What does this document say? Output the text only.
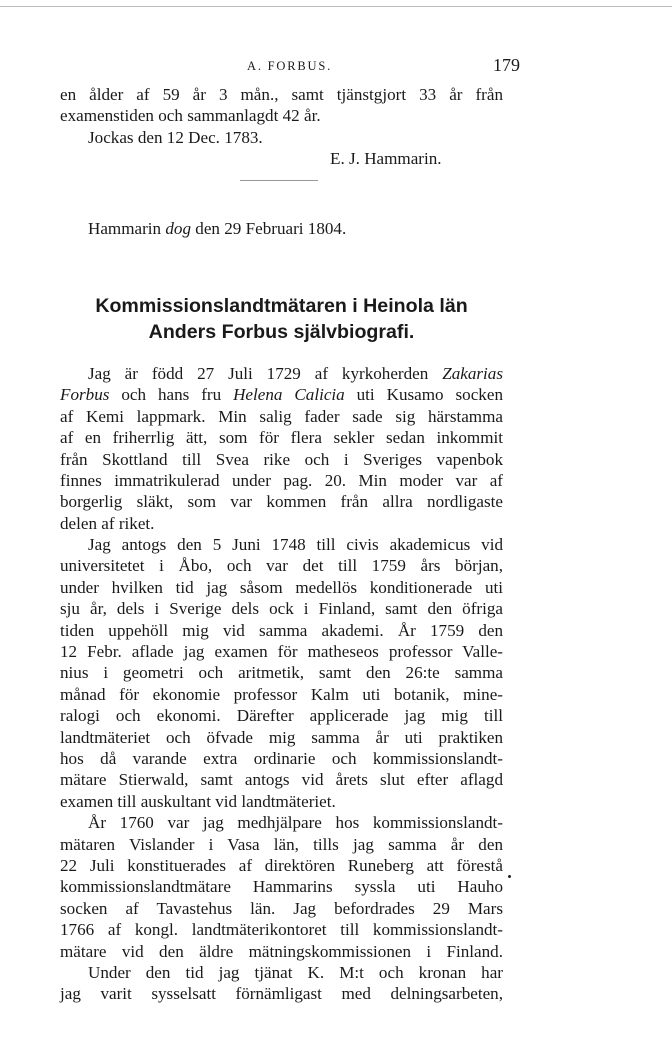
A. FORBUS.	179
en ålder af 59 år 3 mån., samt tjänstgjort 33 år från
examenstiden och sammanlagdt 42 år.
Jockas den 12 Dec. 1783.
E. J. Hammarin.
Hammarin dog den 29 Februari 1804.
Kommissionslandtmätaren i Heinola län
Anders Forbus självbiografi.
Jag är född 27 Juli 1729 af kyrkoherden Zakarias
Forbus och hans fru Helena Calicia uti Kusamo socken
af Kemi lappmark. Min salig fader sade sig härstamma
af en friherrlig ätt, som för flera sekler sedan inkommit
från Skottland till Svea rike och i Sveriges vapenbok
finnes immatrikulerad under pag. 20. Min moder var af
borgerlig släkt, som var kommen från allra nordligaste
delen af riket.
Jag antogs den 5 Juni 1748 till civis akademicus vid
universitetet i Åbo, och var det till 1759 års början,
under hvilken tid jag såsom medellös konditionerade uti
sju år, dels i Sverige dels ock i Finland, samt den öfriga
tiden uppehöll mig vid samma akademi. År 1759 den
12 Febr. aflade jag examen för matheseos professor Valle-
nius i geometri och aritmetik, samt den 26:te samma
månad för ekonomie professor Kalm uti botanik, mine-
ralogi och ekonomi. Därefter applicerade jag mig till
landtmäteriet och öfvade mig samma år uti praktiken
hos då varande extra ordinarie och kommissionslandt-
mätare Stierwald, samt antogs vid årets slut efter aflagd
examen till auskultant vid landtmäteriet.
År 1760 var jag medhjälpare hos kommissionslandt-
mätaren Vislander i Vasa län, tills jag samma år den
22 Juli konstituerades af direktören Runeberg att förestå
kommissionslandtmätare Hammarins syssla uti Hauho
socken af Tavastehus län. Jag befordrades 29 Mars
1766 af kongl. landtmäterikontoret till kommissionslandt-
mätare vid den äldre mätningskommissionen i Finland.
Under den tid jag tjänat K. M:t och kronan har
jag varit sysselsatt förnämligast med delningsarbeten,
